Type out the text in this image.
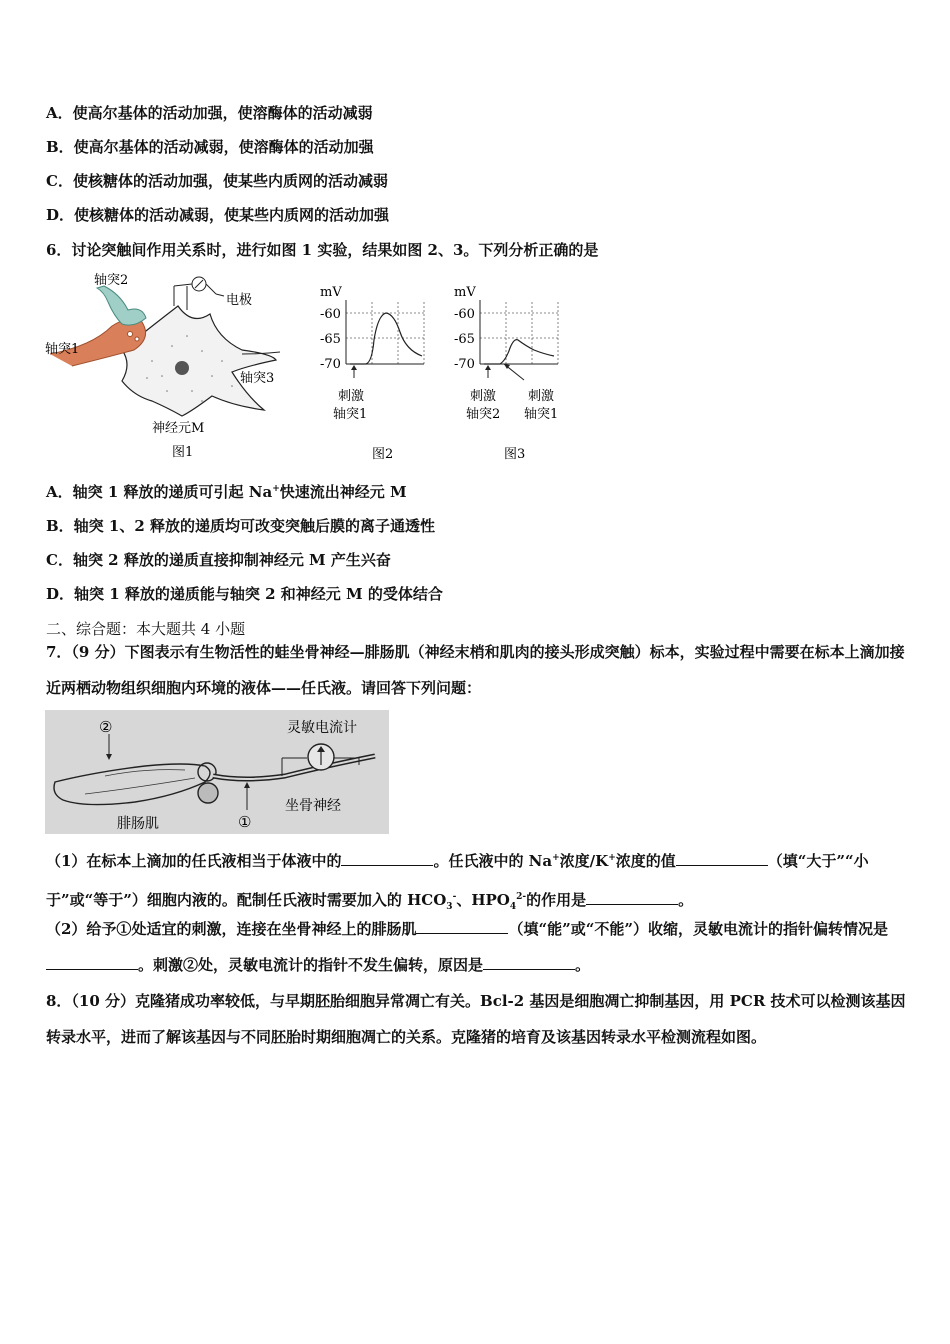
A．使高尔基体的活动加强，使溶酶体的活动减弱
B．使高尔基体的活动减弱，使溶酶体的活动加强
C．使核糖体的活动加强，使某些内质网的活动减弱
D．使核糖体的活动减弱，使某些内质网的活动加强
6．讨论突触间作用关系时，进行如图 1 实验，结果如图 2、3。下列分析正确的是
轴突2
轴突1
电极
轴突3
神经元M
图1
mV
-60
-65
-70
刺激
轴突1
图2
mV
-60
-65
-70
刺激
轴突2
刺激
轴突1
图3
A．轴突 1 释放的递质可引起 Na+快速流出神经元 M
B．轴突 1、2 释放的递质均可改变突触后膜的离子通透性
C．轴突 2 释放的递质直接抑制神经元 M 产生兴奋
D．轴突 1 释放的递质能与轴突 2 和神经元 M 的受体结合
二、综合题：本大题共 4 小题
7．（9 分）下图表示有生物活性的蛙坐骨神经—腓肠肌（神经末梢和肌肉的接头形成突触）标本，实验过程中需要在标本上滴加接近两栖动物组织细胞内环境的液体——任氏液。请回答下列问题：
②
①
灵敏电流计
坐骨神经
腓肠肌
（1）在标本上滴加的任氏液相当于体液中的	。任氏液中的 Na+浓度/K+浓度的值	（填“大于”“小于”或“等于”）细胞内液的。配制任氏液时需要加入的 $HCO_3^-$、$HPO_4^{2-}$的作用是	。
（2）给予①处适宜的刺激，连接在坐骨神经上的腓肠肌	（填“能”或“不能”）收缩，灵敏电流计的指针偏转情况是。刺激②处，灵敏电流计的指针不发生偏转，原因是	。
8．（10 分）克隆猪成功率较低，与早期胚胎细胞异常凋亡有关。Bcl-2 基因是细胞凋亡抑制基因，用 PCR 技术可以检测该基因转录水平，进而了解该基因与不同胚胎时期细胞凋亡的关系。克隆猪的培育及该基因转录水平检测流程如图。
